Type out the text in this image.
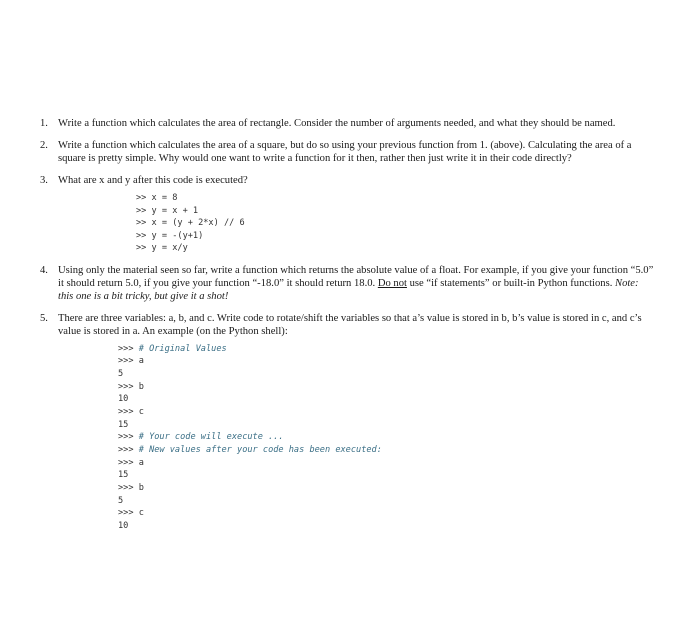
1. Write a function which calculates the area of rectangle. Consider the number of arguments needed, and what they should be named.
2. Write a function which calculates the area of a square, but do so using your previous function from 1. (above). Calculating the area of a square is pretty simple. Why would one want to write a function for it then, rather then just write it in their code directly?
3. What are x and y after this code is executed?
>> x = 8
>> y = x + 1
>> x = (y + 2*x) // 6
>> y = -(y+1)
>> y = x/y
4. Using only the material seen so far, write a function which returns the absolute value of a float. For example, if you give your function “5.0” it should return 5.0, if you give your function “-18.0” it should return 18.0. Do not use “if statements” or built-in Python functions. Note: this one is a bit tricky, but give it a shot!
5. There are three variables: a, b, and c. Write code to rotate/shift the variables so that a’s value is stored in b, b’s value is stored in c, and c’s value is stored in a. An example (on the Python shell):
>>> # Original Values
>>> a
5
>>> b
10
>>> c
15
>>> # Your code will execute ...
>>> # New values after your code has been executed:
>>> a
15
>>> b
5
>>> c
10
